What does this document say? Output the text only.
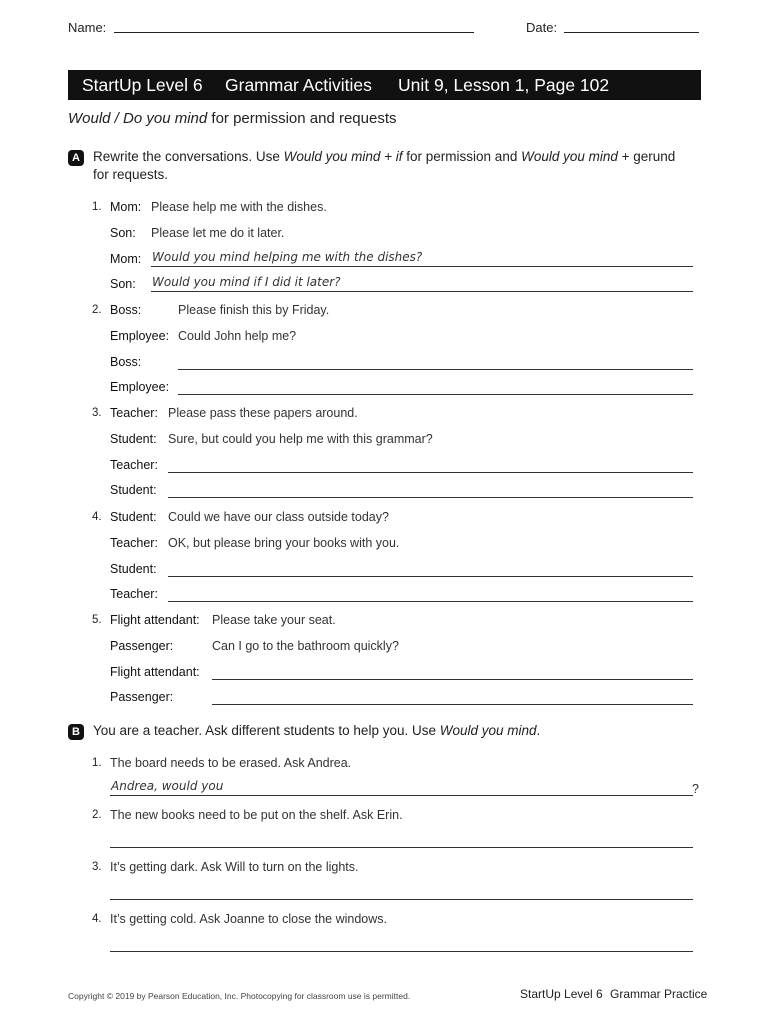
Name:	Date:
StartUp Level 6 Grammar Activities Unit 9, Lesson 1, Page 102
Would / Do you mind for permission and requests
A Rewrite the conversations. Use Would you mind + if for permission and Would you mind + gerund
for requests.
1. Mom: Please help me with the dishes.
Son: Please let me do it later.
Mom: Would you mind helping me with the dishes?
Son: Would you mind if I did it later?
2. Boss:	Please finish this by Friday.
Employee: Could John help me?
Boss:
Employee:
3. Teacher: Please pass these papers around.
Student: Sure, but could you help me with this grammar?
Teacher:
Student:
4. Student: Could we have our class outside today?
Teacher: OK, but please bring your books with you.
Student:
Teacher:
5. Flight attendant: Please take your seat.
Passenger:	Can I go to the bathroom quickly?
Flight attendant:
Passenger:
B You are a teacher. Ask different students to help you. Use Would you mind.
1. The board needs to be erased. Ask Andrea.
Andrea, would you	?
2. The new books need to be put on the shelf. Ask Erin.
3. It’s getting dark. Ask Will to turn on the lights.
4. It’s getting cold. Ask Joanne to close the windows.
Copyright © 2019 by Pearson Education, Inc. Photocopying for classroom use is permitted.	StartUp Level 6 Grammar Practice
